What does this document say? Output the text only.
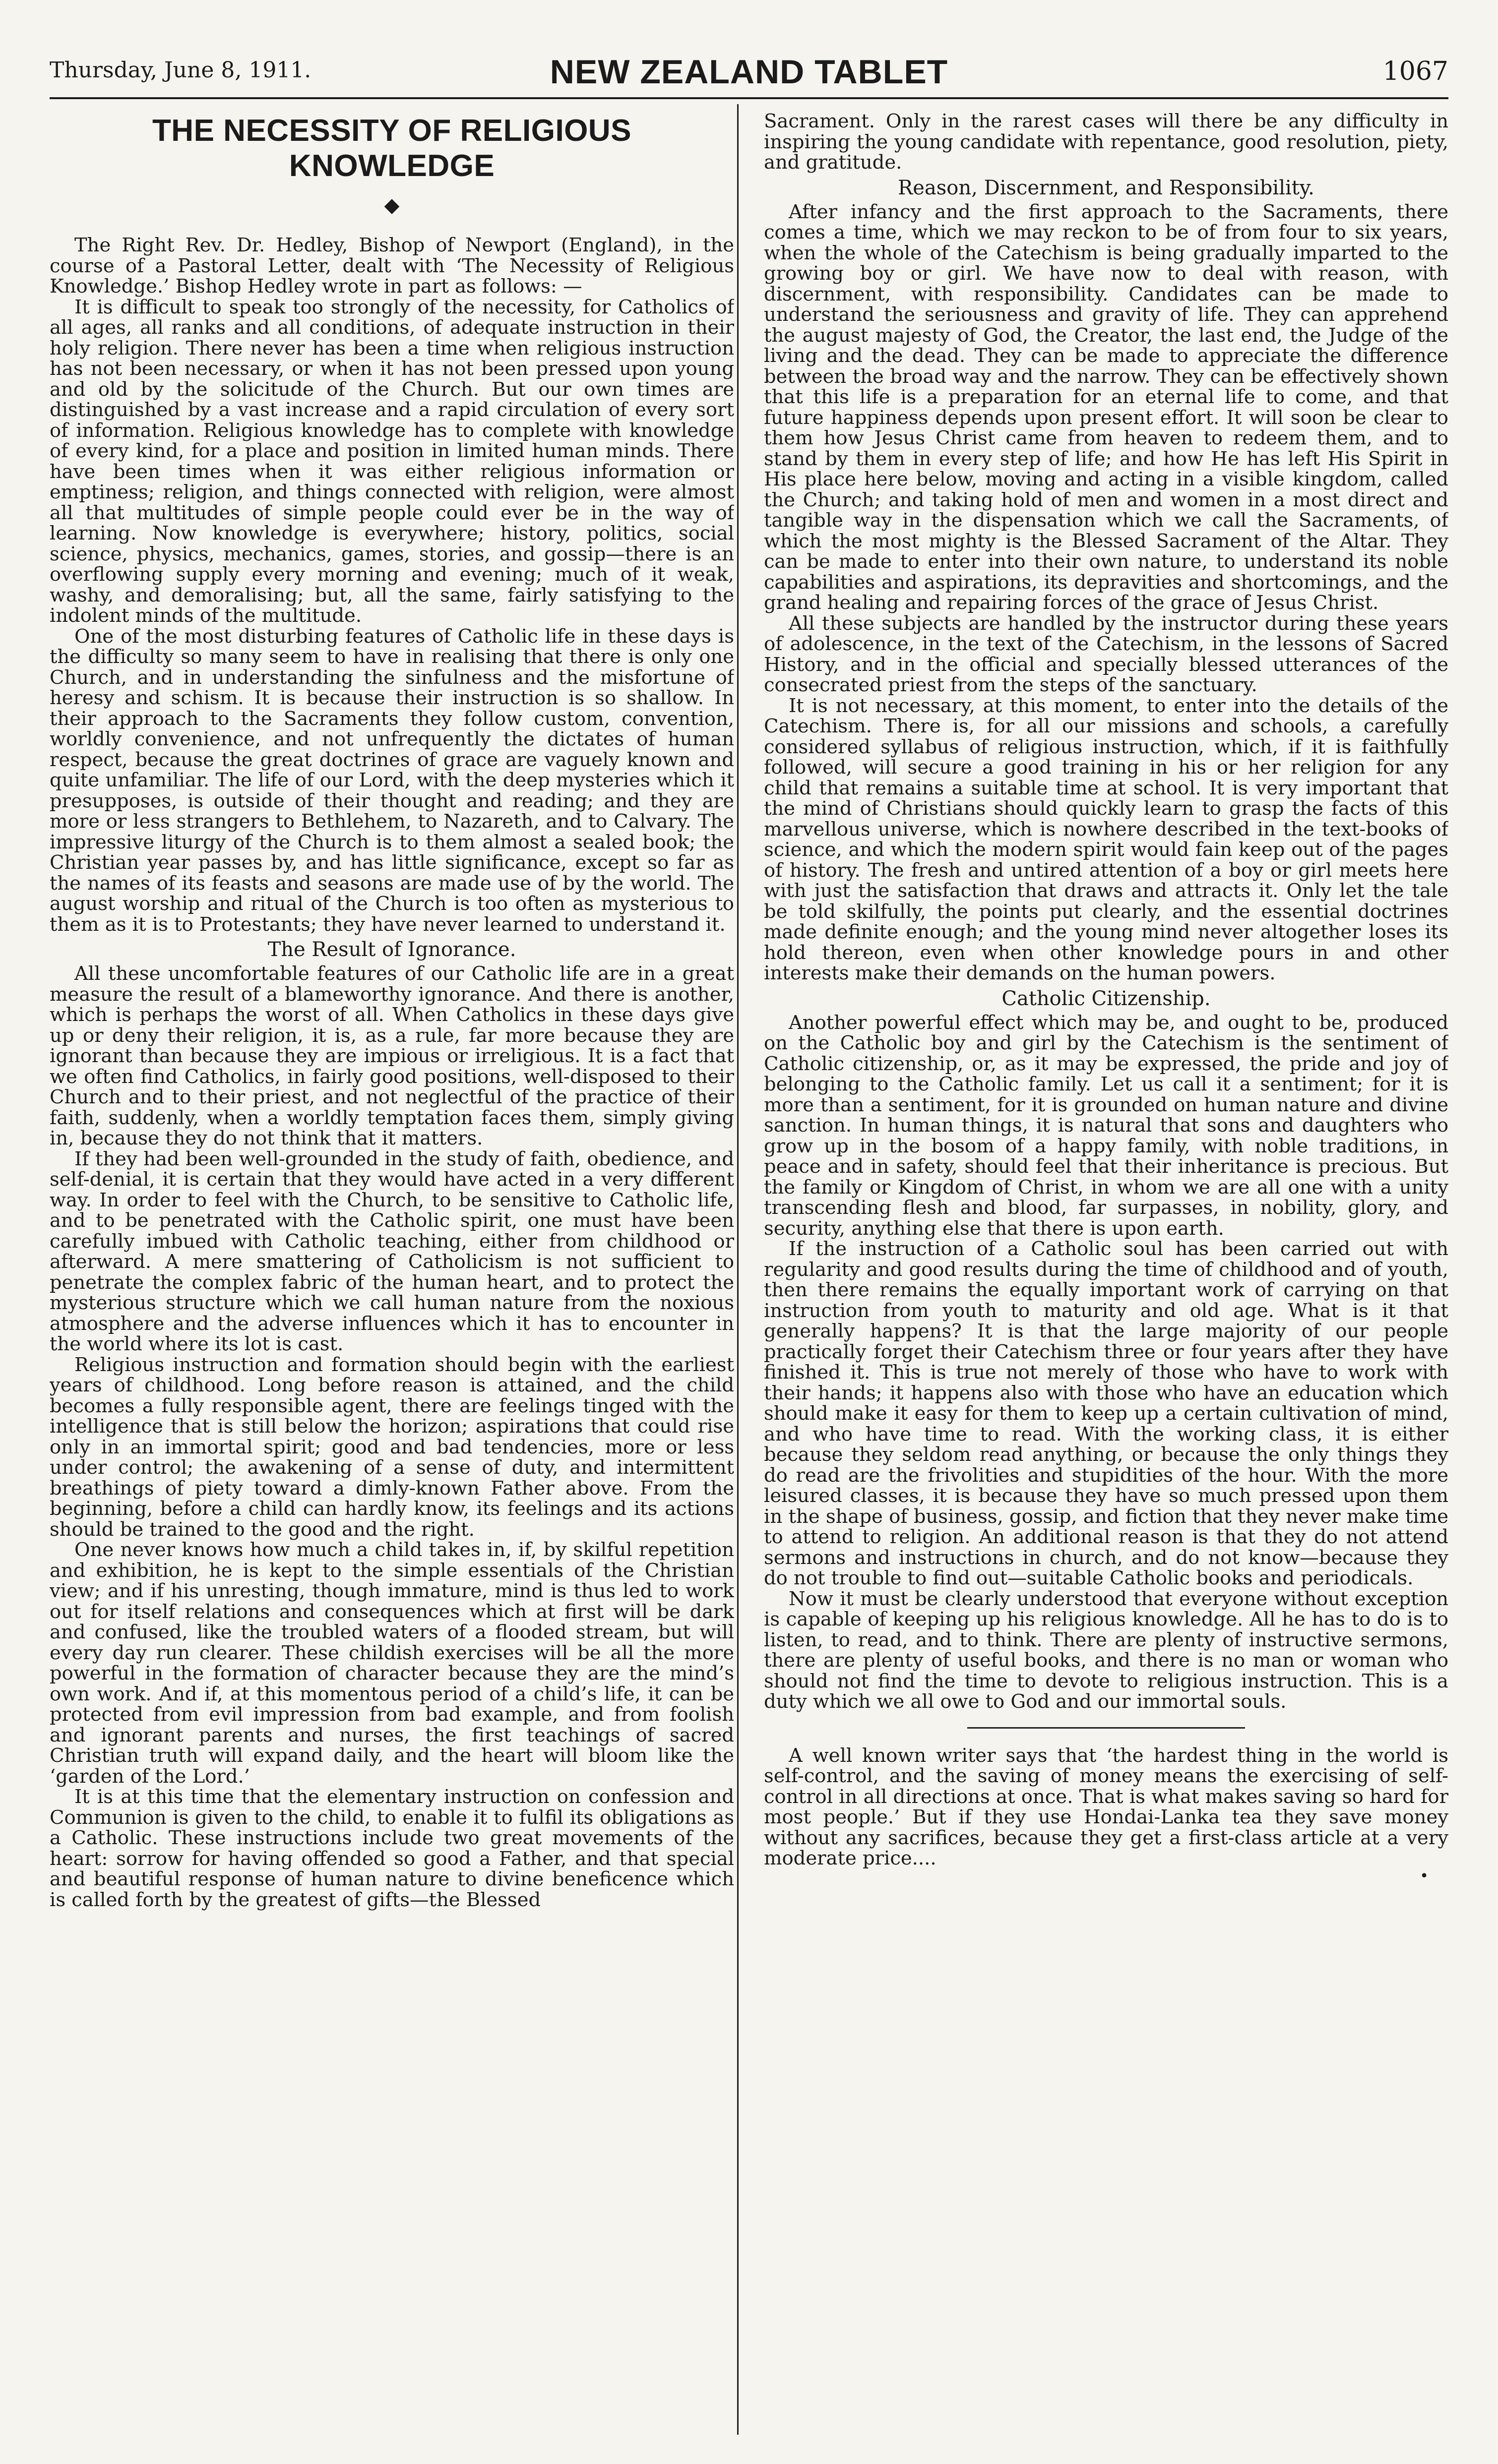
Thursday, June 8, 1911.	NEW ZEALAND TABLET	1067
THE NECESSITY OF RELIGIOUS KNOWLEDGE
◆

The Right Rev. Dr. Hedley, Bishop of Newport (England), in the course of a Pastoral Letter, dealt with ‘The Necessity of Religious Knowledge.’ Bishop Hedley wrote in part as follows: —

It is difficult to speak too strongly of the necessity, for Catholics of all ages, all ranks and all conditions, of adequate instruction in their holy religion. There never has been a time when religious instruction has not been necessary, or when it has not been pressed upon young and old by the solicitude of the Church. But our own times are distinguished by a vast increase and a rapid circulation of every sort of information. Religious knowledge has to complete with knowledge of every kind, for a place and position in limited human minds. There have been times when it was either religious information or emptiness; religion, and things connected with religion, were almost all that multitudes of simple people could ever be in the way of learning. Now knowledge is everywhere; history, politics, social science, physics, mechanics, games, stories, and gossip—there is an overflowing supply every morning and evening; much of it weak, washy, and demoralising; but, all the same, fairly satisfying to the indolent minds of the multitude.

One of the most disturbing features of Catholic life in these days is the difficulty so many seem to have in realising that there is only one Church, and in understanding the sinfulness and the misfortune of heresy and schism. It is because their instruction is so shallow. In their approach to the Sacraments they follow custom, convention, worldly convenience, and not unfrequently the dictates of human respect, because the great doctrines of grace are vaguely known and quite unfamiliar. The life of our Lord, with the deep mysteries which it presupposes, is outside of their thought and reading; and they are more or less strangers to Bethlehem, to Nazareth, and to Calvary. The impressive liturgy of the Church is to them almost a sealed book; the Christian year passes by, and has little significance, except so far as the names of its feasts and seasons are made use of by the world. The august worship and ritual of the Church is too often as mysterious to them as it is to Protestants; they have never learned to understand it.

The Result of Ignorance.

All these uncomfortable features of our Catholic life are in a great measure the result of a blameworthy ignorance. And there is another, which is perhaps the worst of all. When Catholics in these days give up or deny their religion, it is, as a rule, far more because they are ignorant than because they are impious or irreligious. It is a fact that we often find Catholics, in fairly good positions, well-disposed to their Church and to their priest, and not neglectful of the practice of their faith, suddenly, when a worldly temptation faces them, simply giving in, because they do not think that it matters.

If they had been well-grounded in the study of faith, obedience, and self-denial, it is certain that they would have acted in a very different way. In order to feel with the Church, to be sensitive to Catholic life, and to be penetrated with the Catholic spirit, one must have been carefully imbued with Catholic teaching, either from childhood or afterward. A mere smattering of Catholicism is not sufficient to penetrate the complex fabric of the human heart, and to protect the mysterious structure which we call human nature from the noxious atmosphere and the adverse influences which it has to encounter in the world where its lot is cast.

Religious instruction and formation should begin with the earliest years of childhood. Long before reason is attained, and the child becomes a fully responsible agent, there are feelings tinged with the intelligence that is still below the horizon; aspirations that could rise only in an immortal spirit; good and bad tendencies, more or less under control; the awakening of a sense of duty, and intermittent breathings of piety toward a dimly-known Father above. From the beginning, before a child can hardly know, its feelings and its actions should be trained to the good and the right.

One never knows how much a child takes in, if, by skilful repetition and exhibition, he is kept to the simple essentials of the Christian view; and if his unresting, though immature, mind is thus led to work out for itself relations and consequences which at first will be dark and confused, like the troubled waters of a flooded stream, but will every day run clearer. These childish exercises will be all the more powerful in the formation of character because they are the mind’s own work. And if, at this momentous period of a child’s life, it can be protected from evil impression from bad example, and from foolish and ignorant parents and nurses, the first teachings of sacred Christian truth will expand daily, and the heart will bloom like the ‘garden of the Lord.’

It is at this time that the elementary instruction on confession and Communion is given to the child, to enable it to fulfil its obligations as a Catholic. These instructions include two great movements of the heart: sorrow for having offended so good a Father, and that special and beautiful response of human nature to divine beneficence which is called forth by the greatest of gifts—the Blessed

Sacrament. Only in the rarest cases will there be any difficulty in inspiring the young candidate with repentance, good resolution, piety, and gratitude.

Reason, Discernment, and Responsibility.

After infancy and the first approach to the Sacraments, there comes a time, which we may reckon to be of from four to six years, when the whole of the Catechism is being gradually imparted to the growing boy or girl. We have now to deal with reason, with discernment, with responsibility. Candidates can be made to understand the seriousness and gravity of life. They can apprehend the august majesty of God, the Creator, the last end, the Judge of the living and the dead. They can be made to appreciate the difference between the broad way and the narrow. They can be effectively shown that this life is a preparation for an eternal life to come, and that future happiness depends upon present effort. It will soon be clear to them how Jesus Christ came from heaven to redeem them, and to stand by them in every step of life; and how He has left His Spirit in His place here below, moving and acting in a visible kingdom, called the Church; and taking hold of men and women in a most direct and tangible way in the dispensation which we call the Sacraments, of which the most mighty is the Blessed Sacrament of the Altar. They can be made to enter into their own nature, to understand its noble capabilities and aspirations, its depravities and shortcomings, and the grand healing and repairing forces of the grace of Jesus Christ.

All these subjects are handled by the instructor during these years of adolescence, in the text of the Catechism, in the lessons of Sacred History, and in the official and specially blessed utterances of the consecrated priest from the steps of the sanctuary.

It is not necessary, at this moment, to enter into the details of the Catechism. There is, for all our missions and schools, a carefully considered syllabus of religious instruction, which, if it is faithfully followed, will secure a good training in his or her religion for any child that remains a suitable time at school. It is very important that the mind of Christians should quickly learn to grasp the facts of this marvellous universe, which is nowhere described in the text-books of science, and which the modern spirit would fain keep out of the pages of history. The fresh and untired attention of a boy or girl meets here with just the satisfaction that draws and attracts it. Only let the tale be told skilfully, the points put clearly, and the essential doctrines made definite enough; and the young mind never altogether loses its hold thereon, even when other knowledge pours in and other interests make their demands on the human powers.

Catholic Citizenship.

Another powerful effect which may be, and ought to be, produced on the Catholic boy and girl by the Catechism is the sentiment of Catholic citizenship, or, as it may be expressed, the pride and joy of belonging to the Catholic family. Let us call it a sentiment; for it is more than a sentiment, for it is grounded on human nature and divine sanction. In human things, it is natural that sons and daughters who grow up in the bosom of a happy family, with noble traditions, in peace and in safety, should feel that their inheritance is precious. But the family or Kingdom of Christ, in whom we are all one with a unity transcending flesh and blood, far surpasses, in nobility, glory, and security, anything else that there is upon earth.

If the instruction of a Catholic soul has been carried out with regularity and good results during the time of childhood and of youth, then there remains the equally important work of carrying on that instruction from youth to maturity and old age. What is it that generally happens? It is that the large majority of our people practically forget their Catechism three or four years after they have finished it. This is true not merely of those who have to work with their hands; it happens also with those who have an education which should make it easy for them to keep up a certain cultivation of mind, and who have time to read. With the working class, it is either because they seldom read anything, or because the only things they do read are the frivolities and stupidities of the hour. With the more leisured classes, it is because they have so much pressed upon them in the shape of business, gossip, and fiction that they never make time to attend to religion. An additional reason is that they do not attend sermons and instructions in church, and do not know—because they do not trouble to find out—suitable Catholic books and periodicals.

Now it must be clearly understood that everyone without exception is capable of keeping up his religious knowledge. All he has to do is to listen, to read, and to think. There are plenty of instructive sermons, there are plenty of useful books, and there is no man or woman who should not find the time to devote to religious instruction. This is a duty which we all owe to God and our immortal souls.

A well known writer says that ‘the hardest thing in the world is self-control, and the saving of money means the exercising of self-control in all directions at once. That is what makes saving so hard for most people.’ But if they use Hondai-Lanka tea they save money without any sacrifices, because they get a first-class article at a very moderate price....

•
